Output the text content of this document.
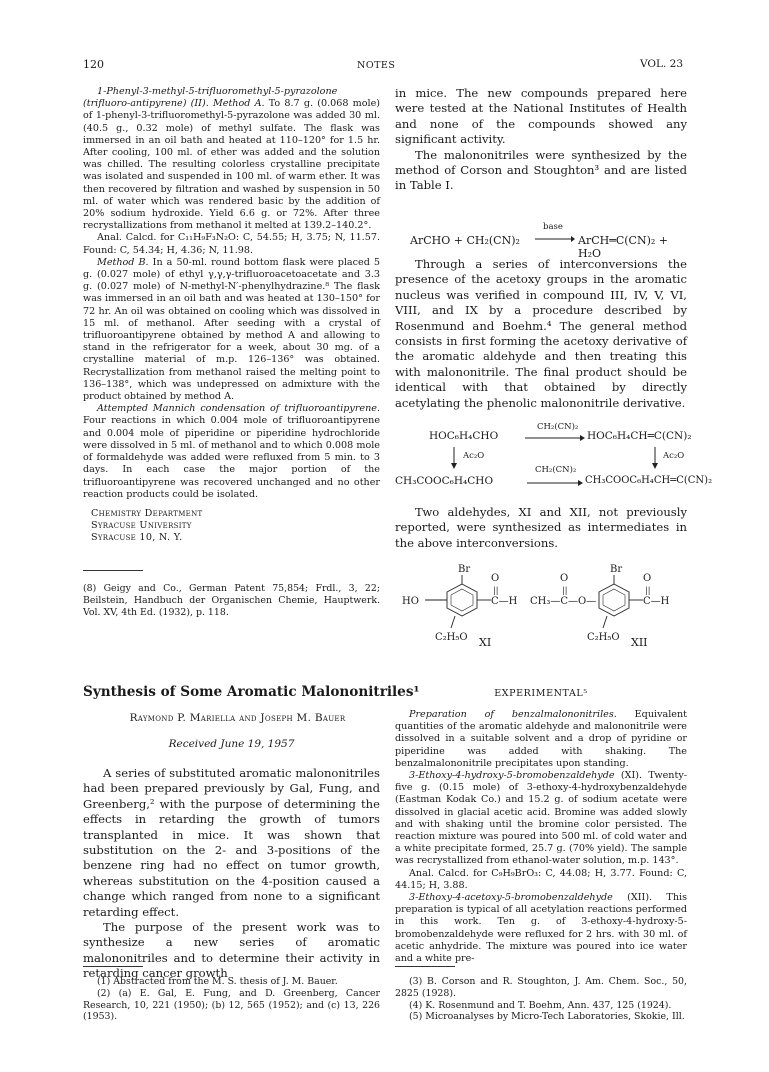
120	NOTES	VOL. 23

1-Phenyl-3-methyl-5-trifluoromethyl-5-pyrazolone (trifluoro-antipyrene) (II). Method A. To 8.7 g. (0.068 mole) of 1-phenyl-3-trifluoromethyl-5-pyrazolone was added 30 ml. (40.5 g., 0.32 mole) of methyl sulfate. The flask was immersed in an oil bath and heated at 110–120° for 1.5 hr. After cooling, 100 ml. of ether was added and the solution was chilled. The resulting colorless crystalline precipitate was isolated and suspended in 100 ml. of warm ether. It was then recovered by filtration and washed by suspension in 50 ml. of water which was rendered basic by the addition of 20% sodium hydroxide. Yield 6.6 g. or 72%. After three recrystallizations from methanol it melted at 139.2–140.2°.

Anal. Calcd. for C₁₁H₉F₃N₂O: C, 54.55; H, 3.75; N, 11.57. Found: C, 54.34; H, 4.36; N, 11.98.

Method B. In a 50-ml. round bottom flask were placed 5 g. (0.027 mole) of ethyl γ,γ,γ-trifluoroacetoacetate and 3.3 g. (0.027 mole) of N-methyl-N′-phenylhydrazine.⁸ The flask was immersed in an oil bath and was heated at 130–150° for 72 hr. An oil was obtained on cooling which was dissolved in 15 ml. of methanol. After seeding with a crystal of trifluoroantipyrene obtained by method A and allowing to stand in the refrigerator for a week, about 30 mg. of a crystalline material of m.p. 126–136° was obtained. Recrystallization from methanol raised the melting point to 136–138°, which was undepressed on admixture with the product obtained by method A.

Attempted Mannich condensation of trifluoroantipyrene. Four reactions in which 0.004 mole of trifluoroantipyrene and 0.004 mole of piperidine or piperidine hydrochloride were dissolved in 5 ml. of methanol and to which 0.008 mole of formaldehyde was added were refluxed from 5 min. to 3 days. In each case the major portion of the trifluoroantipyrene was recovered unchanged and no other reaction products could be isolated.

Chemistry Department
Syracuse University
Syracuse 10, N. Y.
(8) Geigy and Co., German Patent 75,854; Frdl., 3, 22; Beilstein, Handbuch der Organischen Chemie, Hauptwerk. Vol. XV, 4th Ed. (1932), p. 118.
Synthesis of Some Aromatic Malononitriles¹
Raymond P. Mariella and Joseph M. Bauer
Received June 19, 1957

A series of substituted aromatic malononitriles had been prepared previously by Gal, Fung, and Greenberg,² with the purpose of determining the effects in retarding the growth of tumors transplanted in mice. It was shown that substitution on the 2- and 3-positions of the benzene ring had no effect on tumor growth, whereas substitution on the 4-position caused a change which ranged from none to a significant retarding effect.

The purpose of the present work was to synthesize a new series of aromatic malononitriles and to determine their activity in retarding cancer growth

(1) Abstracted from the M. S. thesis of J. M. Bauer.

(2) (a) E. Gal, E. Fung, and D. Greenberg, Cancer Research, 10, 221 (1950); (b) 12, 565 (1952); and (c) 13, 226 (1953).

in mice. The new compounds prepared here were tested at the National Institutes of Health and none of the compounds showed any significant activity.

The malononitriles were synthesized by the method of Corson and Stoughton³ and are listed in Table I.

ArCHO + CH₂(CN)₂
base
ArCH═C(CN)₂ + H₂O

Through a series of interconversions the presence of the acetoxy groups in the aromatic nucleus was verified in compound III, IV, V, VI, VIII, and IX by a procedure described by Rosenmund and Boehm.⁴ The general method consists in first forming the acetoxy derivative of the aromatic aldehyde and then treating this with malononitrile. The final product should be identical with that obtained by directly acetylating the phenolic malononitrile derivative.

HOC₆H₄CHO
CH₂(CN)₂
HOC₆H₄CH═C(CN)₂
Ac₂O	Ac₂O
CH₃COOC₆H₄CHO
CH₂(CN)₂
CH₃COOC₆H₄CH═C(CN)₂

Two aldehydes, XI and XII, not previously reported, were synthesized as intermediates in the above interconversions.

Br
HO	C—H
O
||
C₂H₅O XI
Br
CH₃—C—O—
O
||
C—H
O
||
C₂H₅O XII
EXPERIMENTAL⁵

Preparation of benzalmalononitriles. Equivalent quantities of the aromatic aldehyde and malononitrile were dissolved in a suitable solvent and a drop of pyridine or piperidine was added with shaking. The benzalmalononitrile precipitates upon standing.

3-Ethoxy-4-hydroxy-5-bromobenzaldehyde (XI). Twenty-five g. (0.15 mole) of 3-ethoxy-4-hydroxybenzaldehyde (Eastman Kodak Co.) and 15.2 g. of sodium acetate were dissolved in glacial acetic acid. Bromine was added slowly and with shaking until the bromine color persisted. The reaction mixture was poured into 500 ml. of cold water and a white precipitate formed, 25.7 g. (70% yield). The sample was recrystallized from ethanol-water solution, m.p. 143°.

Anal. Calcd. for C₉H₉BrO₃: C, 44.08; H, 3.77. Found: C, 44.15; H, 3.88.

3-Ethoxy-4-acetoxy-5-bromobenzaldehyde (XII). This preparation is typical of all acetylation reactions performed in this work. Ten g. of 3-ethoxy-4-hydroxy-5-bromobenzaldehyde were refluxed for 2 hrs. with 30 ml. of acetic anhydride. The mixture was poured into ice water and a white pre-

(3) B. Corson and R. Stoughton, J. Am. Chem. Soc., 50, 2825 (1928).

(4) K. Rosenmund and T. Boehm, Ann. 437, 125 (1924).

(5) Microanalyses by Micro-Tech Laboratories, Skokie, Ill.
